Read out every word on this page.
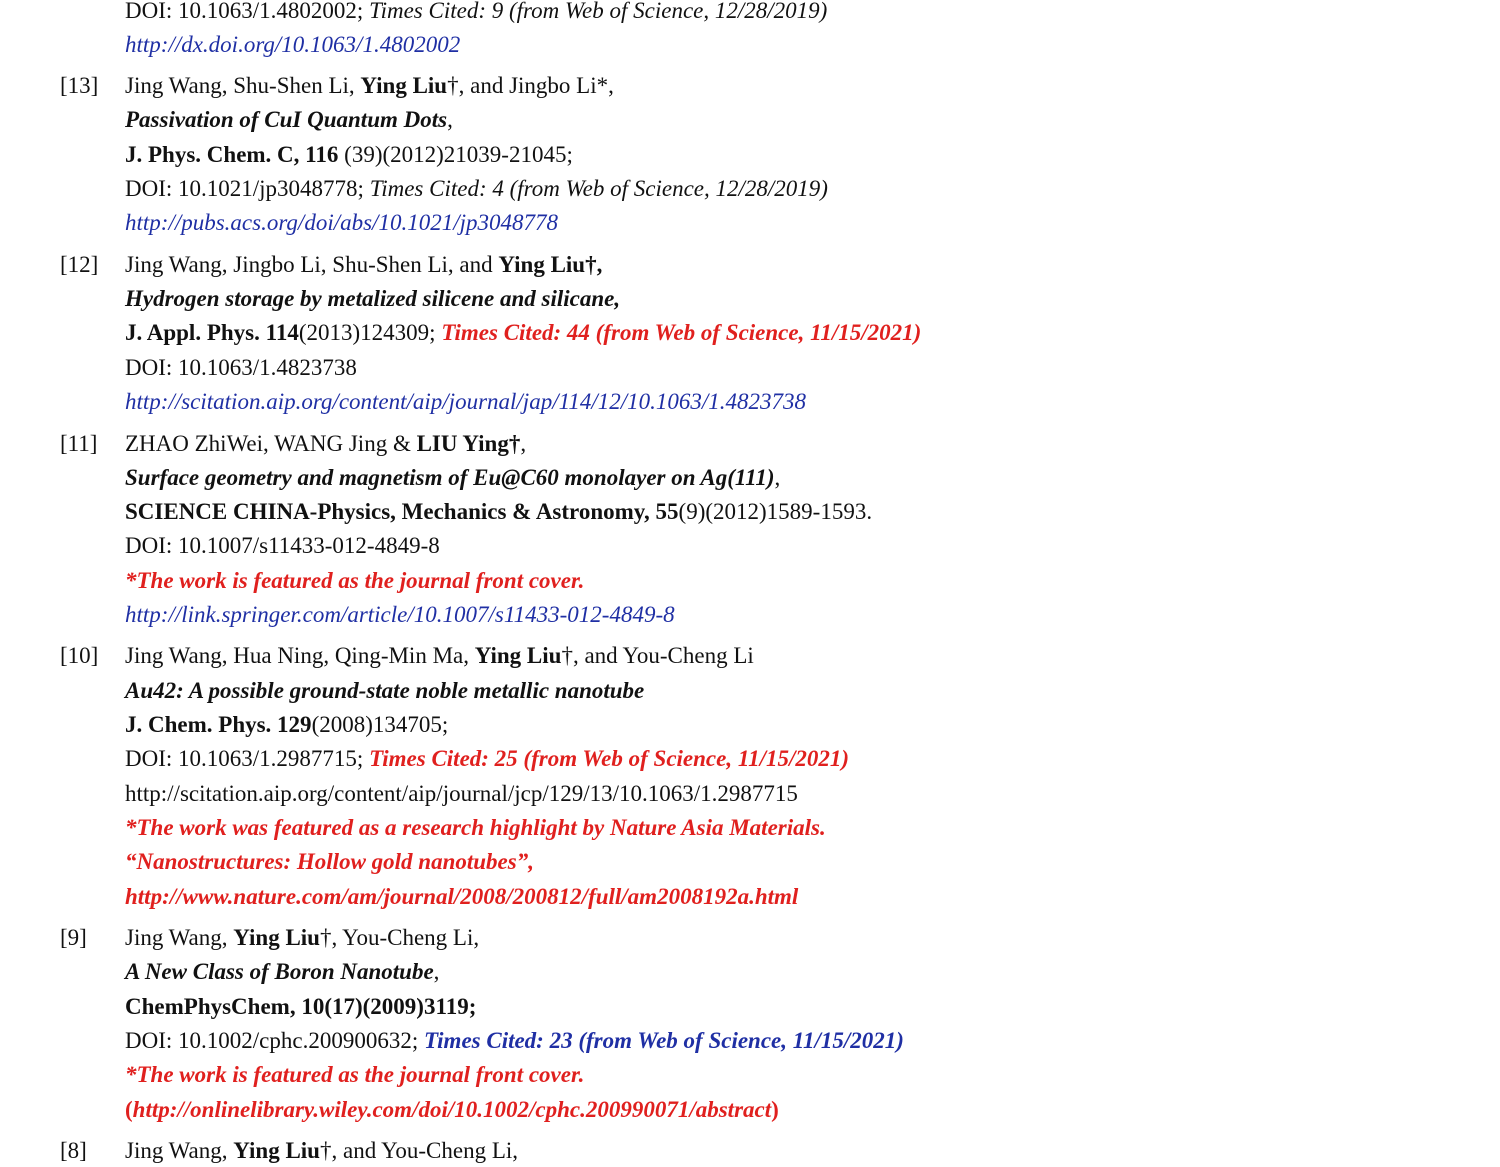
DOI: 10.1063/1.4802002; Times Cited: 9 (from Web of Science, 12/28/2019)
http://dx.doi.org/10.1063/1.4802002
[13] Jing Wang, Shu-Shen Li, Ying Liu†, and Jingbo Li*,
Passivation of CuI Quantum Dots,
J. Phys. Chem. C, 116 (39)(2012)21039-21045;
DOI: 10.1021/jp3048778; Times Cited: 4 (from Web of Science, 12/28/2019)
http://pubs.acs.org/doi/abs/10.1021/jp3048778
[12] Jing Wang, Jingbo Li, Shu-Shen Li, and Ying Liu†,
Hydrogen storage by metalized silicene and silicane,
J. Appl. Phys. 114(2013)124309; Times Cited: 44 (from Web of Science, 11/15/2021)
DOI: 10.1063/1.4823738
http://scitation.aip.org/content/aip/journal/jap/114/12/10.1063/1.4823738
[11] ZHAO ZhiWei, WANG Jing & LIU Ying†,
Surface geometry and magnetism of Eu@C60 monolayer on Ag(111),
SCIENCE CHINA-Physics, Mechanics & Astronomy, 55(9)(2012)1589-1593.
DOI: 10.1007/s11433-012-4849-8
*The work is featured as the journal front cover.
http://link.springer.com/article/10.1007/s11433-012-4849-8
[10] Jing Wang, Hua Ning, Qing-Min Ma, Ying Liu†, and You-Cheng Li
Au42: A possible ground-state noble metallic nanotube
J. Chem. Phys. 129(2008)134705;
DOI: 10.1063/1.2987715; Times Cited: 25 (from Web of Science, 11/15/2021)
http://scitation.aip.org/content/aip/journal/jcp/129/13/10.1063/1.2987715
*The work was featured as a research highlight by Nature Asia Materials.
“Nanostructures: Hollow gold nanotubes”,
http://www.nature.com/am/journal/2008/200812/full/am2008192a.html
[9] Jing Wang, Ying Liu†, You-Cheng Li,
A New Class of Boron Nanotube,
ChemPhysChem, 10(17)(2009)3119;
DOI: 10.1002/cphc.200900632; Times Cited: 23 (from Web of Science, 11/15/2021)
*The work is featured as the journal front cover.
(http://onlinelibrary.wiley.com/doi/10.1002/cphc.200990071/abstract)
[8] Jing Wang, Ying Liu†, and You-Cheng Li,
